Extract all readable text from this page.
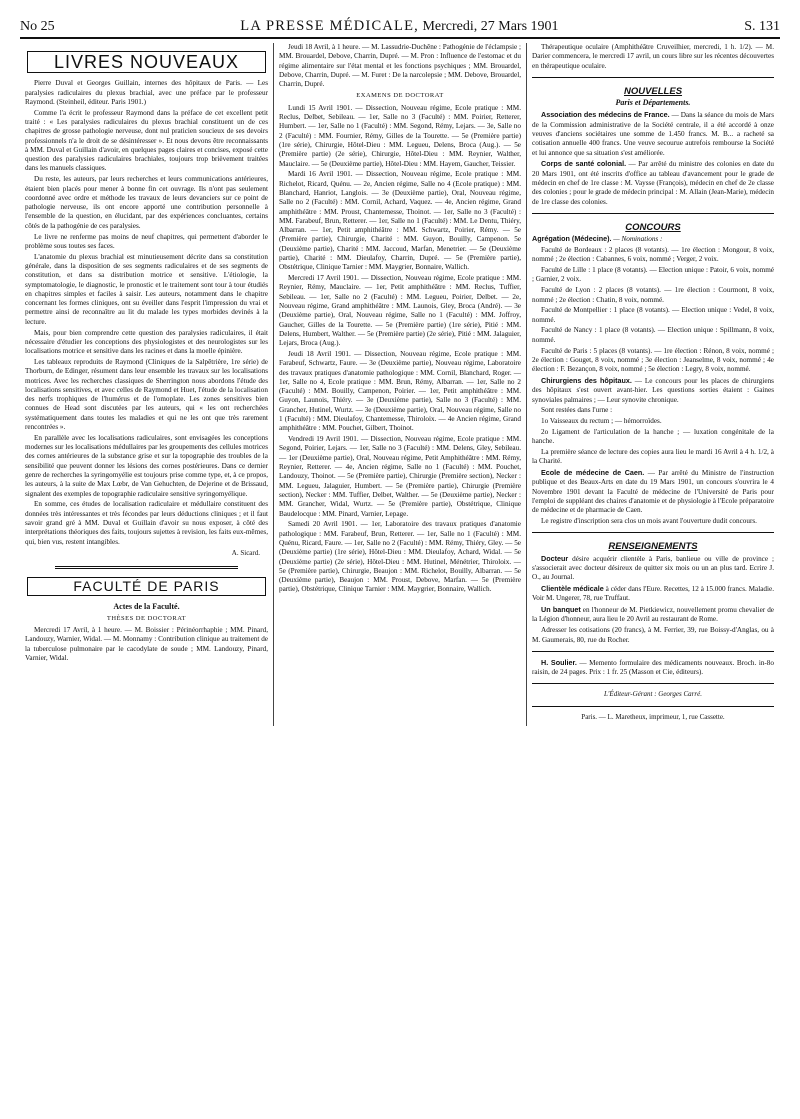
No 25	LA PRESSE MÉDICALE, Mercredi, 27 Mars 1901	S. 131
LIVRES NOUVEAUX

Pierre Duval et Georges Guillain, internes des hôpitaux de Paris. — Les paralysies radiculaires du plexus brachial, avec une préface par le professeur Raymond. (Steinheil, éditeur. Paris 1901.)

Comme l'a écrit le professeur Raymond dans la préface de cet excellent petit traité : « Les paralysies radiculaires du plexus brachial constituent un de ces chapitres de grosse pathologie nerveuse, dont nul praticien soucieux de ses devoirs professionnels n'a le droit de se désintéresser ». Et nous devons être reconnaissants à MM. Duval et Guillain d'avoir, en quelques pages claires et concises, exposé cette question des paralysies radiculaires brachiales, toujours trop brièvement traitées dans les manuels classiques.

Du reste, les auteurs, par leurs recherches et leurs communications antérieures, étaient bien placés pour mener à bonne fin cet ouvrage. Ils n'ont pas seulement coordonné avec ordre et méthode les travaux de leurs devanciers sur ce point de pathologie nerveuse, ils ont encore apporté une contribution personnelle à l'ensemble de la question, en élucidant, par des expériences concluantes, certains côtés de la pathogénie de ces paralysies.

Le livre ne renferme pas moins de neuf chapitres, qui permettent d'aborder le problème sous toutes ses faces.

L'anatomie du plexus brachial est minutieusement décrite dans sa constitution générale, dans la disposition de ses segments radiculaires et de ses segments de constitution, et dans sa distribution motrice et sensitive. L'étiologie, la symptomatologie, le diagnostic, le pronostic et le traitement sont tour à tour étudiés en chapitres simples et faciles à saisir. Les auteurs, notamment dans le chapitre concernant les formes cliniques, ont su éveiller dans l'esprit l'impression du vrai et permettre ainsi de reconnaître au lit du malade les types morbides devinés à la lecture.

Mais, pour bien comprendre cette question des paralysies radiculaires, il était nécessaire d'étudier les conceptions des physiologistes et des neurologistes sur les localisations motrice et sensitive dans les racines et dans la moelle épinière.

Les tableaux reproduits de Raymond (Cliniques de la Salpêtrière, 1re série) de Thorburn, de Edinger, résument dans leur ensemble les travaux sur les localisations motrices. Avec les recherches classiques de Sherrington nous abordons l'étude des localisations sensitives, et avec celles de Raymond et Huet, l'étude de la localisation des nerfs trophiques de l'humérus et de l'omoplate. Les zones sensitives bien connues de Head sont discutées par les auteurs, qui « les ont recherchées systématiquement dans toutes les maladies et qui ne les ont que très rarement rencontrées ».

En parallèle avec les localisations radiculaires, sont envisagées les conceptions modernes sur les localisations médullaires par les groupements des cellules motrices des cornes antérieures de la substance grise et sur la topographie des troubles de la sensibilité que peuvent donner les lésions des cornes postérieures. Dans ce dernier genre de recherches la syringomyélie est toujours prise comme type, et, à ce propos, les auteurs, à la suite de Max Lœbr, de Van Gehuchten, de Dejerine et de Brissaud, signalent des exemples de topographie radiculaire sensitive syringomyélique.

En somme, ces études de localisation radiculaire et médullaire constituent des données très intéressantes et très fécondes par leurs déductions cliniques ; et il faut savoir grand gré à MM. Duval et Guillain d'avoir su nous exposer, à côté des interprétations théoriques des faits, toujours sujettes à revision, les faits eux-mêmes, qui, bien vus, restent intangibles.

A. Sicard.
FACULTÉ DE PARIS
Actes de la Faculté.
THÈSES DE DOCTORAT

Mercredi 17 Avril, à 1 heure. — M. Boissier : Périnéorrhaphie ; MM. Pinard, Landouzy, Warnier, Widal. — M. Monnamy : Contribution clinique au traitement de la tuberculose pulmonaire par le cacodylate de soude ; MM. Landouzy, Pinard, Varnier, Widal.

Jeudi 18 Avril, à 1 heure. — M. Lassudrie-Duchêne : Pathogénie de l'éclampsie ; MM. Brouardel, Debove, Charrin, Dupré. — M. Pron : Influence de l'estomac et du régime alimentaire sur l'état mental et les fonctions psychiques ; MM. Brouardel, Debove, Charrin, Dupré. — M. Furet : De la narcolepsie ; MM. Debove, Brouardel, Charrin, Dupré.

EXAMENS DE DOCTORAT

Lundi 15 Avril 1901. — Dissection, Nouveau régime, Ecole pratique : MM. Reclus, Delbet, Sebileau. — 1er, Salle no 3 (Faculté) : MM. Poirier, Retterer, Humbert. — 1er, Salle no 1 (Faculté) : MM. Segond, Rémy, Lejars. — 3e, Salle no 2 (Faculté) : MM. Fournier, Rémy, Gilles de la Tourette. — 5e (Première partie) (1re série), Chirurgie, Hôtel-Dieu : MM. Legueu, Delens, Broca (Aug.). — 5e (Première partie) (2e série), Chirurgie, Hôtel-Dieu : MM. Reynier, Walther, Mauclaire. — 5e (Deuxième partie), Hôtel-Dieu : MM. Hayem, Gaucher, Teissier.

Mardi 16 Avril 1901. — Dissection, Nouveau régime, Ecole pratique : MM. Richelot, Ricard, Quénu. — 2e, Ancien régime, Salle no 4 (Ecole pratique) : MM. Blanchard, Hanriot, Langlois. — 3e (Deuxième partie), Oral, Nouveau régime, Salle no 2 (Faculté) : MM. Cornil, Achard, Vaquez. — 4e, Ancien régime, Grand amphithéâtre : MM. Proust, Chantemesse, Thoinot. — 1er, Salle no 3 (Faculté) : MM. Farabeuf, Brun, Retterer. — 1er, Salle no 1 (Faculté) : MM. Le Dentu, Thiéry, Albarran. — 1er, Petit amphithéâtre : MM. Schwartz, Poirier, Rémy. — 5e (Première partie), Chirurgie, Charité : MM. Guyon, Bouilly, Campenon. 5e (Deuxième partie), Charité : MM. Jaccoud, Marfan, Menetrier. — 5e (Deuxième partie), Charité : MM. Dieulafoy, Charrin, Dupré. — 5e (Première partie), Obstétrique, Clinique Tarnier : MM. Maygrier, Bonnaire, Wallich.

Mercredi 17 Avril 1901. — Dissection, Nouveau régime, Ecole pratique : MM. Reynier, Rémy, Mauclaire. — 1er, Petit amphithéâtre : MM. Reclus, Tuffier, Sebileau. — 1er, Salle no 2 (Faculté) : MM. Legueu, Poirier, Delbet. — 2e, Nouveau régime, Grand amphithéâtre : MM. Launois, Gley, Broca (André). — 3e (Deuxième partie), Oral, Nouveau régime, Salle no 1 (Faculté) : MM. Joffroy, Gaucher, Gilles de la Tourette. — 5e (Première partie) (1re série), Pitié : MM. Delens, Humbert, Walther. — 5e (Première partie) (2e série), Pitié : MM. Jalaguier, Lejars, Broca (Aug.).

Jeudi 18 Avril 1901. — Dissection, Nouveau régime, Ecole pratique : MM. Farabeuf, Schwartz, Faure. — 3e (Deuxième partie), Nouveau régime, Laboratoire des travaux pratiques d'anatomie pathologique : MM. Cornil, Blanchard, Roger. — 1er, Salle no 4, Ecole pratique : MM. Brun, Rémy, Albarran. — 1er, Salle no 2 (Faculté) : MM. Bouilly, Campenon, Poirier. — 1er, Petit amphithéâtre : MM. Guyon, Launois, Thiéry. — 3e (Deuxième partie), Salle no 3 (Faculté) : MM. Grancher, Hutinel, Wurtz. — 3e (Deuxième partie), Oral, Nouveau régime, Salle no 1 (Faculté) : MM. Dieulafoy, Chantemesse, Thiroloix. — 4e Ancien régime, Grand amphithéâtre : MM. Pouchet, Gilbert, Thoinot.

Vendredi 19 Avril 1901. — Dissection, Nouveau régime, Ecole pratique : MM. Segond, Poirier, Lejars. — 1er, Salle no 3 (Faculté) : MM. Delens, Gley, Sebileau. — 1er (Deuxième partie), Oral, Nouveau régime, Petit Amphithéâtre : MM. Rémy, Reynier, Retterer. — 4e, Ancien régime, Salle no 1 (Faculté) : MM. Pouchet, Landouzy, Thoinot. — 5e (Première partie), Chirurgie (Première section), Necker : MM. Legueu, Jalaguier, Humbert. — 5e (Première partie), Chirurgie (Première section), Necker : MM. Tuffier, Delbet, Walther. — 5e (Deuxième partie), Necker : MM. Grancher, Widal, Wurtz. — 5e (Première partie), Obstétrique, Clinique Baudelocque : MM. Pinard, Varnier, Lepage.

Samedi 20 Avril 1901. — 1er, Laboratoire des travaux pratiques d'anatomie pathologique : MM. Farabeuf, Brun, Retterer. — 1er, Salle no 1 (Faculté) : MM. Quénu, Ricard, Faure. — 1er, Salle no 2 (Faculté) : MM. Rémy, Thiéry, Gley. — 5e (Deuxième partie) (1re série), Hôtel-Dieu : MM. Dieulafoy, Achard, Widal. — 5e (Deuxième partie) (2e série), Hôtel-Dieu : MM. Hutinel, Ménétrier, Thiroloix. — 5e (Première partie), Chirurgie, Beaujon : MM. Richelot, Bouilly, Albarran. — 5e (Deuxième partie), Beaujon : MM. Proust, Debove, Marfan. — 5e (Première partie), Obstétrique, Clinique Tarnier : MM. Maygrier, Bonnaire, Wallich.

Thérapeutique oculaire (Amphithéâtre Cruveilhier, mercredi, 1 h. 1/2). — M. Darier commencera, le mercredi 17 avril, un cours libre sur les récentes découvertes en thérapeutique oculaire.

NOUVELLES
Paris et Départements.

Association des médecins de France. — Dans la séance du mois de Mars de la Commission administrative de la Société centrale, il a été accordé à onze veuves d'anciens sociétaires une somme de 1.450 francs. M. B... a racheté sa cotisation annuelle 400 francs. Une veuve secourue autrefois rembourse la Société et lui annonce que sa situation s'est améliorée.

Corps de santé colonial. — Par arrêté du ministre des colonies en date du 20 Mars 1901, ont été inscrits d'office au tableau d'avancement pour le grade de médecin en chef de 1re classe : M. Vaysse (François), médecin en chef de 2e classe des colonies ; pour le grade de médecin principal : M. Allain (Jean-Marie), médecin de 1re classe des colonies.

CONCOURS

Agrégation (Médecine). — Nominations :

Faculté de Bordeaux : 2 places (8 votants). — 1re élection : Mongour, 8 voix, nommé ; 2e élection : Cabannes, 6 voix, nommé ; Verger, 2 voix.

Faculté de Lille : 1 place (8 votants). — Election unique : Patoir, 6 voix, nommé ; Garnier, 2 voix.

Faculté de Lyon : 2 places (8 votants). — 1re élection : Courmont, 8 voix, nommé ; 2e élection : Chatin, 8 voix, nommé.

Faculté de Montpellier : 1 place (8 votants). — Election unique : Vedel, 8 voix, nommé.

Faculté de Nancy : 1 place (8 votants). — Election unique : Spillmann, 8 voix, nommé.

Faculté de Paris : 5 places (8 votants). — 1re élection : Rénon, 8 voix, nommé ; 2e élection : Gouget, 8 voix, nommé ; 3e élection : Jeanselme, 8 voix, nommé ; 4e élection : F. Bezançon, 8 voix, nommé ; 5e élection : Legry, 8 voix, nommé.

Chirurgiens des hôpitaux. — Le concours pour les places de chirurgiens des hôpitaux s'est ouvert avant-hier. Les questions sorties étaient : Gaines synoviales palmaires ; — Leur synovite chronique.

Sont restées dans l'urne :

1o Vaisseaux du rectum ; — hémorroïdes.

2o Ligament de l'articulation de la hanche ; — luxation congénitale de la hanche.

La première séance de lecture des copies aura lieu le mardi 16 Avril à 4 h. 1/2, à la Charité.

Ecole de médecine de Caen. — Par arrêté du Ministre de l'instruction publique et des Beaux-Arts en date du 19 Mars 1901, un concours s'ouvrira le 4 Novembre 1901 devant la Faculté de médecine de l'Université de Paris pour l'emploi de suppléant des chaires d'anatomie et de physiologie à l'Ecole préparatoire de médecine et de pharmacie de Caen.

Le registre d'inscription sera clos un mois avant l'ouverture dudit concours.

RENSEIGNEMENTS

Docteur désire acquérir clientèle à Paris, banlieue ou ville de province ; s'associerait avec docteur désireux de quitter six mois ou un an plus tard. Ecrire J. O., au Journal.

Clientèle médicale à céder dans l'Eure. Recettes, 12 à 15.000 francs. Maladie. Voir M. Ungerer, 78, rue Truffaut.

Un banquet en l'honneur de M. Pietkiewicz, nouvellement promu chevalier de la Légion d'honneur, aura lieu le 20 Avril au restaurant de Rome.

Adresser les cotisations (20 francs), à M. Ferrier, 39, rue Boissy-d'Anglas, ou à M. Gaumerais, 80, rue du Rocher.

H. Soulier. — Memento formulaire des médicaments nouveaux. Broch. in-8o raisin, de 24 pages. Prix : 1 fr. 25 (Masson et Cie, éditeurs).

L'Éditeur-Gérant : Georges Carré.
Paris. — L. Maretheux, imprimeur, 1, rue Cassette.
